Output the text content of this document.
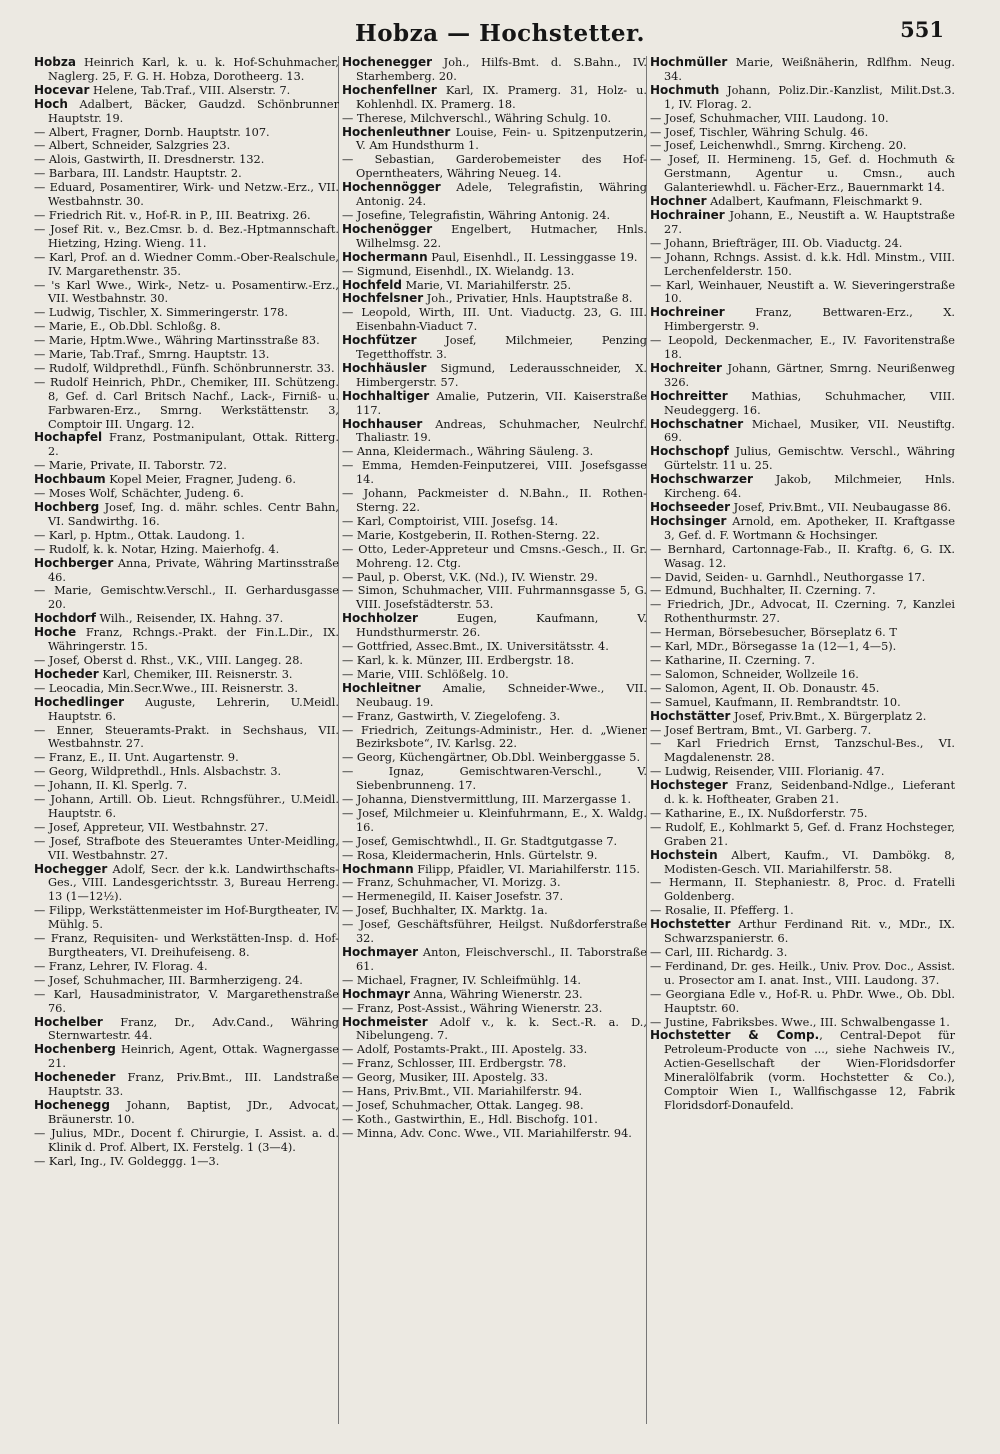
Hobza — Hochstetter.	551

Hobza Heinrich Karl, k. u. k. Hof-Schuhmacher, Naglerg. 25, F. G. H. Hobza, Dorotheerg. 13.

Hocevar Helene, Tab.Traf., VIII. Alserstr. 7.

Hoch Adalbert, Bäcker, Gaudzd. Schönbrunner Hauptstr. 19.

— Albert, Fragner, Dornb. Hauptstr. 107.

— Albert, Schneider, Salzgries 23.

— Alois, Gastwirth, II. Dresdnerstr. 132.

— Barbara, III. Landstr. Hauptstr. 2.

— Eduard, Posamentirer, Wirk- und Netzw.-Erz., VII. Westbahnstr. 30.

— Friedrich Rit. v., Hof-R. in P., III. Beatrixg. 26.

— Josef Rit. v., Bez.Cmsr. b. d. Bez.-Hptmannschaft. Hietzing, Hzing. Wieng. 11.

— Karl, Prof. an d. Wiedner Comm.-Ober-Realschule, IV. Margarethenstr. 35.

— 's Karl Wwe., Wirk-, Netz- u. Posamentirw.-Erz., VII. Westbahnstr. 30.

— Ludwig, Tischler, X. Simmeringerstr. 178.

— Marie, E., Ob.Dbl. Schloßg. 8.

— Marie, Hptm.Wwe., Währing Martinsstraße 83.

— Marie, Tab.Traf., Smrng. Hauptstr. 13.

— Rudolf, Wildprethdl., Fünfh. Schönbrunnerstr. 33.

— Rudolf Heinrich, PhDr., Chemiker, III. Schützeng. 8, Gef. d. Carl Britsch Nachf., Lack-, Firniß- u. Farbwaren-Erz., Smrng. Werkstättenstr. 3, Comptoir III. Ungarg. 12.

Hochapfel Franz, Postmanipulant, Ottak. Ritterg. 2.

— Marie, Private, II. Taborstr. 72.

Hochbaum Kopel Meier, Fragner, Judeng. 6.

— Moses Wolf, Schächter, Judeng. 6.

Hochberg Josef, Ing. d. mähr. schles. Centr Bahn, VI. Sandwirthg. 16.

— Karl, p. Hptm., Ottak. Laudong. 1.

— Rudolf, k. k. Notar, Hzing. Maierhofg. 4.

Hochberger Anna, Private, Währing Martinsstraße 46.

— Marie, Gemischtw.Verschl., II. Gerhardusgasse 20.

Hochdorf Wilh., Reisender, IX. Hahng. 37.

Hoche Franz, Rchngs.-Prakt. der Fin.L.Dir., IX. Währingerstr. 15.

— Josef, Oberst d. Rhst., V.K., VIII. Langeg. 28.

Hocheder Karl, Chemiker, III. Reisnerstr. 3.

— Leocadia, Min.Secr.Wwe., III. Reisnerstr. 3.

Hochedlinger Auguste, Lehrerin, U.Meidl. Hauptstr. 6.

— Enner, Steueramts-Prakt. in Sechshaus, VII. Westbahnstr. 27.

— Franz, E., II. Unt. Augartenstr. 9.

— Georg, Wildprethdl., Hnls. Alsbachstr. 3.

— Johann, II. Kl. Sperlg. 7.

— Johann, Artill. Ob. Lieut. Rchngsführer., U.Meidl. Hauptstr. 6.

— Josef, Appreteur, VII. Westbahnstr. 27.

— Josef, Strafbote des Steueramtes Unter-Meidling, VII. Westbahnstr. 27.

Hochegger Adolf, Secr. der k.k. Landwirthschafts-Ges., VIII. Landesgerichtsstr. 3, Bureau Herreng. 13 (1—12½).

— Filipp, Werkstättenmeister im Hof-Burgtheater, IV. Mühlg. 5.

— Franz, Requisiten- und Werkstätten-Insp. d. Hof-Burgtheaters, VI. Dreihufeiseng. 8.

— Franz, Lehrer, IV. Florag. 4.

— Josef, Schuhmacher, III. Barmherzigeng. 24.

— Karl, Hausadministrator, V. Margarethenstraße 76.

Hochelber Franz, Dr., Adv.Cand., Währing Sternwartestr. 44.

Hochenberg Heinrich, Agent, Ottak. Wagnergasse 21.

Hocheneder Franz, Priv.Bmt., III. Landstraße Hauptstr. 33.

Hochenegg Johann, Baptist, JDr., Advocat, Bräunerstr. 10.

— Julius, MDr., Docent f. Chirurgie, I. Assist. a. d. Klinik d. Prof. Albert, IX. Ferstelg. 1 (3—4).

— Karl, Ing., IV. Goldeggg. 1—3.

Hochenegger Joh., Hilfs-Bmt. d. S.Bahn., IV. Starhemberg. 20.

Hochenfellner Karl, IX. Pramerg. 31, Holz- u. Kohlenhdl. IX. Pramerg. 18.

— Therese, Milchverschl., Währing Schulg. 10.

Hochenleuthner Louise, Fein- u. Spitzenputzerin, V. Am Hundsthurm 1.

— Sebastian, Garderobemeister des Hof-Operntheaters, Währing Neueg. 14.

Hochennögger Adele, Telegrafistin, Währing Antonig. 24.

— Josefine, Telegrafistin, Währing Antonig. 24.

Hochenögger Engelbert, Hutmacher, Hnls. Wilhelmsg. 22.

Hochermann Paul, Eisenhdl., II. Lessinggasse 19.

— Sigmund, Eisenhdl., IX. Wielandg. 13.

Hochfeld Marie, VI. Mariahilferstr. 25.

Hochfelsner Joh., Privatier, Hnls. Hauptstraße 8.

— Leopold, Wirth, III. Unt. Viaductg. 23, G. III. Eisenbahn-Viaduct 7.

Hochfützer Josef, Milchmeier, Penzing Tegetthoffstr. 3.

Hochhäusler Sigmund, Lederausschneider, X. Himbergerstr. 57.

Hochhaltiger Amalie, Putzerin, VII. Kaiserstraße 117.

Hochhauser Andreas, Schuhmacher, Neulrchf. Thaliastr. 19.

— Anna, Kleidermach., Währing Säuleng. 3.

— Emma, Hemden-Feinputzerei, VIII. Josefsgasse 14.

— Johann, Packmeister d. N.Bahn., II. Rothen-Sterng. 22.

— Karl, Comptoirist, VIII. Josefsg. 14.

— Marie, Kostgeberin, II. Rothen-Sterng. 22.

— Otto, Leder-Appreteur und Cmsns.-Gesch., II. Gr. Mohreng. 12. Ctg.

— Paul, p. Oberst, V.K. (Nd.), IV. Wienstr. 29.

— Simon, Schuhmacher, VIII. Fuhrmannsgasse 5, G. VIII. Josefstädterstr. 53.

Hochholzer Eugen, Kaufmann, V. Hundsthurmerstr. 26.

— Gottfried, Assec.Bmt., IX. Universitätsstr. 4.

— Karl, k. k. Münzer, III. Erdbergstr. 18.

— Marie, VIII. Schlößelg. 10.

Hochleitner Amalie, Schneider-Wwe., VII. Neubaug. 19.

— Franz, Gastwirth, V. Ziegelofeng. 3.

— Friedrich, Zeitungs-Administr., Her. d. „Wiener Bezirksbote“, IV. Karlsg. 22.

— Georg, Küchengärtner, Ob.Dbl. Weinberggasse 5.

— Ignaz, Gemischtwaren-Verschl., V. Siebenbrunneng. 17.

— Johanna, Dienstvermittlung, III. Marzergasse 1.

— Josef, Milchmeier u. Kleinfuhrmann, E., X. Waldg. 16.

— Josef, Gemischtwhdl., II. Gr. Stadtgutgasse 7.

— Rosa, Kleidermacherin, Hnls. Gürtelstr. 9.

Hochmann Filipp, Pfaidler, VI. Mariahilferstr. 115.

— Franz, Schuhmacher, VI. Morizg. 3.

— Hermenegild, II. Kaiser Josefstr. 37.

— Josef, Buchhalter, IX. Marktg. 1a.

— Josef, Geschäftsführer, Heilgst. Nußdorferstraße 32.

Hochmayer Anton, Fleischverschl., II. Taborstraße 61.

— Michael, Fragner, IV. Schleifmühlg. 14.

Hochmayr Anna, Währing Wienerstr. 23.

— Franz, Post-Assist., Währing Wienerstr. 23.

Hochmeister Adolf v., k. k. Sect.-R. a. D., Nibelungeng. 7.

— Adolf, Postamts-Prakt., III. Apostelg. 33.

— Franz, Schlosser, III. Erdbergstr. 78.

— Georg, Musiker, III. Apostelg. 33.

— Hans, Priv.Bmt., VII. Mariahilferstr. 94.

— Josef, Schuhmacher, Ottak. Langeg. 98.

— Koth., Gastwirthin, E., Hdl. Bischofg. 101.

— Minna, Adv. Conc. Wwe., VII. Mariahilferstr. 94.

Hochmüller Marie, Weißnäherin, Rdlfhm. Neug. 34.

Hochmuth Johann, Poliz.Dir.-Kanzlist, Milit.Dst.3. 1, IV. Florag. 2.

— Josef, Schuhmacher, VIII. Laudong. 10.

— Josef, Tischler, Währing Schulg. 46.

— Josef, Leichenwhdl., Smrng. Kircheng. 20.

— Josef, II. Hermineng. 15, Gef. d. Hochmuth & Gerstmann, Agentur u. Cmsn., auch Galanteriewhdl. u. Fächer-Erz., Bauernmarkt 14.

Hochner Adalbert, Kaufmann, Fleischmarkt 9.

Hochrainer Johann, E., Neustift a. W. Hauptstraße 27.

— Johann, Briefträger, III. Ob. Viaductg. 24.

— Johann, Rchngs. Assist. d. k.k. Hdl. Minstm., VIII. Lerchenfelderstr. 150.

— Karl, Weinhauer, Neustift a. W. Sieveringerstraße 10.

Hochreiner Franz, Bettwaren-Erz., X. Himbergerstr. 9.

— Leopold, Deckenmacher, E., IV. Favoritenstraße 18.

Hochreiter Johann, Gärtner, Smrng. Neurißenweg 326.

Hochreitter Mathias, Schuhmacher, VIII. Neudeggerg. 16.

Hochschatner Michael, Musiker, VII. Neustiftg. 69.

Hochschopf Julius, Gemischtw. Verschl., Währing Gürtelstr. 11 u. 25.

Hochschwarzer Jakob, Milchmeier, Hnls. Kircheng. 64.

Hochseeder Josef, Priv.Bmt., VII. Neubaugasse 86.

Hochsinger Arnold, em. Apotheker, II. Kraftgasse 3, Gef. d. F. Wortmann & Hochsinger.

— Bernhard, Cartonnage-Fab., II. Kraftg. 6, G. IX. Wasag. 12.

— David, Seiden- u. Garnhdl., Neuthorgasse 17.

— Edmund, Buchhalter, II. Czerning. 7.

— Friedrich, JDr., Advocat, II. Czerning. 7, Kanzlei Rothenthurmstr. 27.

— Herman, Börsebesucher, Börseplatz 6. T

— Karl, MDr., Börsegasse 1a (12—1, 4—5).

— Katharine, II. Czerning. 7.

— Salomon, Schneider, Wollzeile 16.

— Salomon, Agent, II. Ob. Donaustr. 45.

— Samuel, Kaufmann, II. Rembrandtstr. 10.

Hochstätter Josef, Priv.Bmt., X. Bürgerplatz 2.

— Josef Bertram, Bmt., VI. Garberg. 7.

— Karl Friedrich Ernst, Tanzschul-Bes., VI. Magdalenenstr. 28.

— Ludwig, Reisender, VIII. Florianig. 47.

Hochsteger Franz, Seidenband-Ndlge., Lieferant d. k. k. Hoftheater, Graben 21.

— Katharine, E., IX. Nußdorferstr. 75.

— Rudolf, E., Kohlmarkt 5, Gef. d. Franz Hochsteger, Graben 21.

Hochstein Albert, Kaufm., VI. Dambökg. 8, Modisten-Gesch. VII. Mariahilferstr. 58.

— Hermann, II. Stephaniestr. 8, Proc. d. Fratelli Goldenberg.

— Rosalie, II. Pfefferg. 1.

Hochstetter Arthur Ferdinand Rit. v., MDr., IX. Schwarzspanierstr. 6.

— Carl, III. Richardg. 3.

— Ferdinand, Dr. ges. Heilk., Univ. Prov. Doc., Assist. u. Prosector am I. anat. Inst., VIII. Laudong. 37.

— Georgiana Edle v., Hof-R. u. PhDr. Wwe., Ob. Dbl. Hauptstr. 60.

— Justine, Fabriksbes. Wwe., III. Schwalbengasse 1.

Hochstetter & Comp., Central-Depot für Petroleum-Producte von ..., siehe Nachweis IV., Actien-Gesellschaft der Wien-Floridsdorfer Mineralölfabrik (vorm. Hochstetter & Co.), Comptoir Wien I., Wallfischgasse 12, Fabrik Floridsdorf-Donaufeld.
